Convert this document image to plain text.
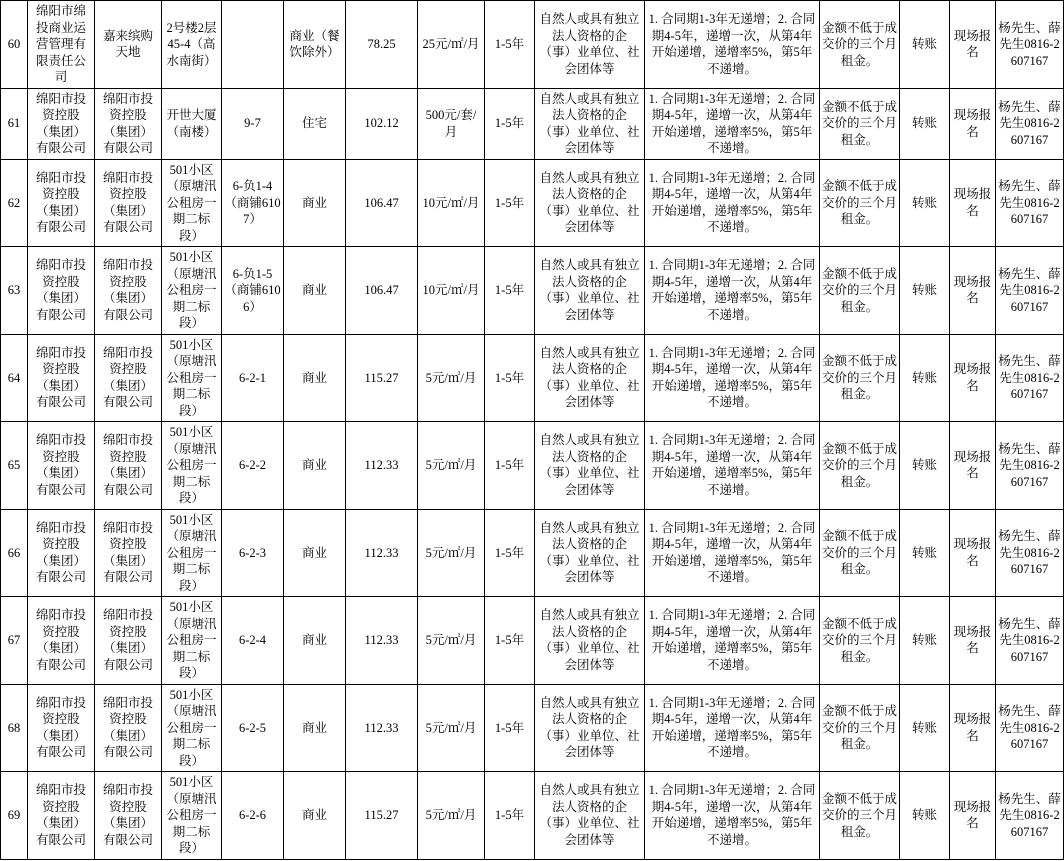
60	绵阳市绵投商业运营管理有限责任公司	嘉来缤购天地	2号楼2层45-4（高水南街）		商业（餐饮除外）	78.25	25元/㎡/月	1-5年	自然人或具有独立法人资格的企（事）业单位、社会团体等	1. 合同期1-3年无递增；2. 合同期4-5年，递增一次，从第4年开始递增，递增率5%，第5年不递增。	金额不低于成交价的三个月租金。	转账	现场报名	杨先生、薛先生0816-2607167
61	绵阳市投资控股（集团）有限公司	绵阳市投资控股（集团）有限公司	开世大厦（南楼）	9-7	住宅	102.12	500元/套/月	1-5年	自然人或具有独立法人资格的企（事）业单位、社会团体等	1. 合同期1-3年无递增；2. 合同期4-5年，递增一次，从第4年开始递增，递增率5%，第5年不递增。	金额不低于成交价的三个月租金。	转账	现场报名	杨先生、薛先生0816-2607167
62	绵阳市投资控股（集团）有限公司	绵阳市投资控股（集团）有限公司	501小区（原塘汛公租房一期二标段）	6-负1-4（商铺6107）	商业	106.47	10元/㎡/月	1-5年	自然人或具有独立法人资格的企（事）业单位、社会团体等	1. 合同期1-3年无递增；2. 合同期4-5年，递增一次，从第4年开始递增，递增率5%，第5年不递增。	金额不低于成交价的三个月租金。	转账	现场报名	杨先生、薛先生0816-2607167
63	绵阳市投资控股（集团）有限公司	绵阳市投资控股（集团）有限公司	501小区（原塘汛公租房一期二标段）	6-负1-5（商铺6106）	商业	106.47	10元/㎡/月	1-5年	自然人或具有独立法人资格的企（事）业单位、社会团体等	1. 合同期1-3年无递增；2. 合同期4-5年，递增一次，从第4年开始递增，递增率5%，第5年不递增。	金额不低于成交价的三个月租金。	转账	现场报名	杨先生、薛先生0816-2607167
64	绵阳市投资控股（集团）有限公司	绵阳市投资控股（集团）有限公司	501小区（原塘汛公租房一期二标段）	6-2-1	商业	115.27	5元/㎡/月	1-5年	自然人或具有独立法人资格的企（事）业单位、社会团体等	1. 合同期1-3年无递增；2. 合同期4-5年，递增一次，从第4年开始递增，递增率5%，第5年不递增。	金额不低于成交价的三个月租金。	转账	现场报名	杨先生、薛先生0816-2607167
65	绵阳市投资控股（集团）有限公司	绵阳市投资控股（集团）有限公司	501小区（原塘汛公租房一期二标段）	6-2-2	商业	112.33	5元/㎡/月	1-5年	自然人或具有独立法人资格的企（事）业单位、社会团体等	1. 合同期1-3年无递增；2. 合同期4-5年，递增一次，从第4年开始递增，递增率5%，第5年不递增。	金额不低于成交价的三个月租金。	转账	现场报名	杨先生、薛先生0816-2607167
66	绵阳市投资控股（集团）有限公司	绵阳市投资控股（集团）有限公司	501小区（原塘汛公租房一期二标段）	6-2-3	商业	112.33	5元/㎡/月	1-5年	自然人或具有独立法人资格的企（事）业单位、社会团体等	1. 合同期1-3年无递增；2. 合同期4-5年，递增一次，从第4年开始递增，递增率5%，第5年不递增。	金额不低于成交价的三个月租金。	转账	现场报名	杨先生、薛先生0816-2607167
67	绵阳市投资控股（集团）有限公司	绵阳市投资控股（集团）有限公司	501小区（原塘汛公租房一期二标段）	6-2-4	商业	112.33	5元/㎡/月	1-5年	自然人或具有独立法人资格的企（事）业单位、社会团体等	1. 合同期1-3年无递增；2. 合同期4-5年，递增一次，从第4年开始递增，递增率5%，第5年不递增。	金额不低于成交价的三个月租金。	转账	现场报名	杨先生、薛先生0816-2607167
68	绵阳市投资控股（集团）有限公司	绵阳市投资控股（集团）有限公司	501小区（原塘汛公租房一期二标段）	6-2-5	商业	112.33	5元/㎡/月	1-5年	自然人或具有独立法人资格的企（事）业单位、社会团体等	1. 合同期1-3年无递增；2. 合同期4-5年，递增一次，从第4年开始递增，递增率5%，第5年不递增。	金额不低于成交价的三个月租金。	转账	现场报名	杨先生、薛先生0816-2607167
69	绵阳市投资控股（集团）有限公司	绵阳市投资控股（集团）有限公司	501小区（原塘汛公租房一期二标段）	6-2-6	商业	115.27	5元/㎡/月	1-5年	自然人或具有独立法人资格的企（事）业单位、社会团体等	1. 合同期1-3年无递增；2. 合同期4-5年，递增一次，从第4年开始递增，递增率5%，第5年不递增。	金额不低于成交价的三个月租金。	转账	现场报名	杨先生、薛先生0816-2607167
